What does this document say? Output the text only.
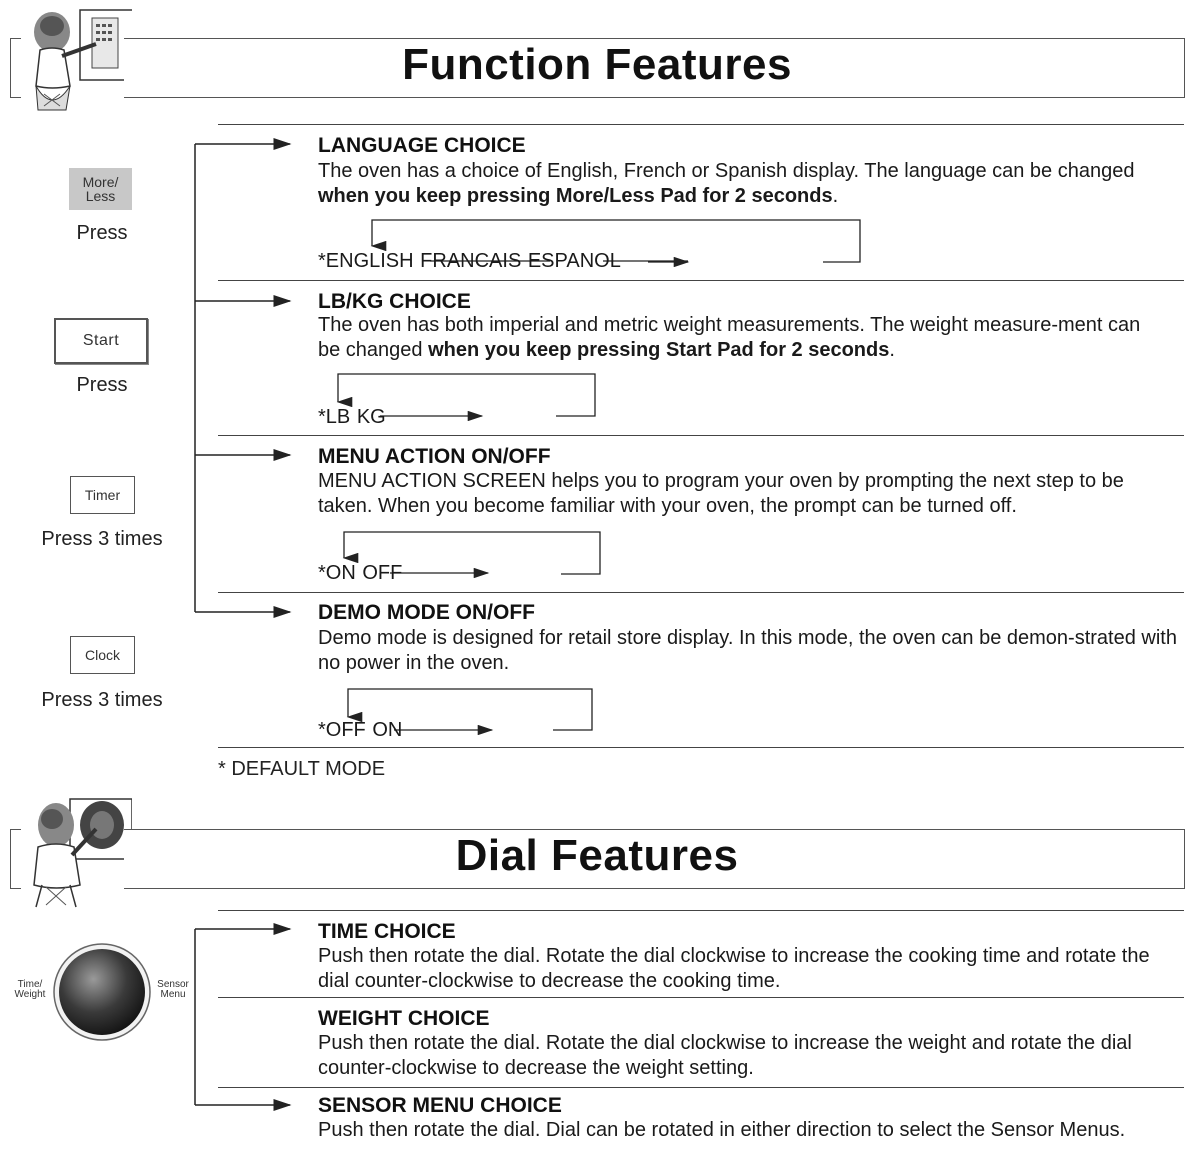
Function Features
More/
Less
Press
Start
Press
Timer
Press 3 times
Clock
Press 3 times
LANGUAGE CHOICE
The oven has a choice of English, French or Spanish display. The language can be changed when you keep pressing More/Less Pad for 2 seconds.
*ENGLISH FRANCAIS ESPANOL
LB/KG CHOICE
The oven has both imperial and metric weight measurements. The weight measure-ment can be changed when you keep pressing Start Pad for 2 seconds.
*LB KG
MENU ACTION ON/OFF
MENU ACTION SCREEN helps you to program your oven by prompting the next step to be taken. When you become familiar with your oven, the prompt can be turned off.
*ON OFF
DEMO MODE ON/OFF
Demo mode is designed for retail store display. In this mode, the oven can be demon-strated with no power in the oven.
*OFF ON
* DEFAULT MODE
Dial Features
Time/
Weight
Sensor
Menu
TIME CHOICE
Push then rotate the dial. Rotate the dial clockwise to increase the cooking time and rotate the dial counter-clockwise to decrease the cooking time.
WEIGHT CHOICE
Push then rotate the dial. Rotate the dial clockwise to increase the weight and rotate the dial counter-clockwise to decrease the weight setting.
SENSOR MENU CHOICE
Push then rotate the dial. Dial can be rotated in either direction to select the Sensor Menus.
